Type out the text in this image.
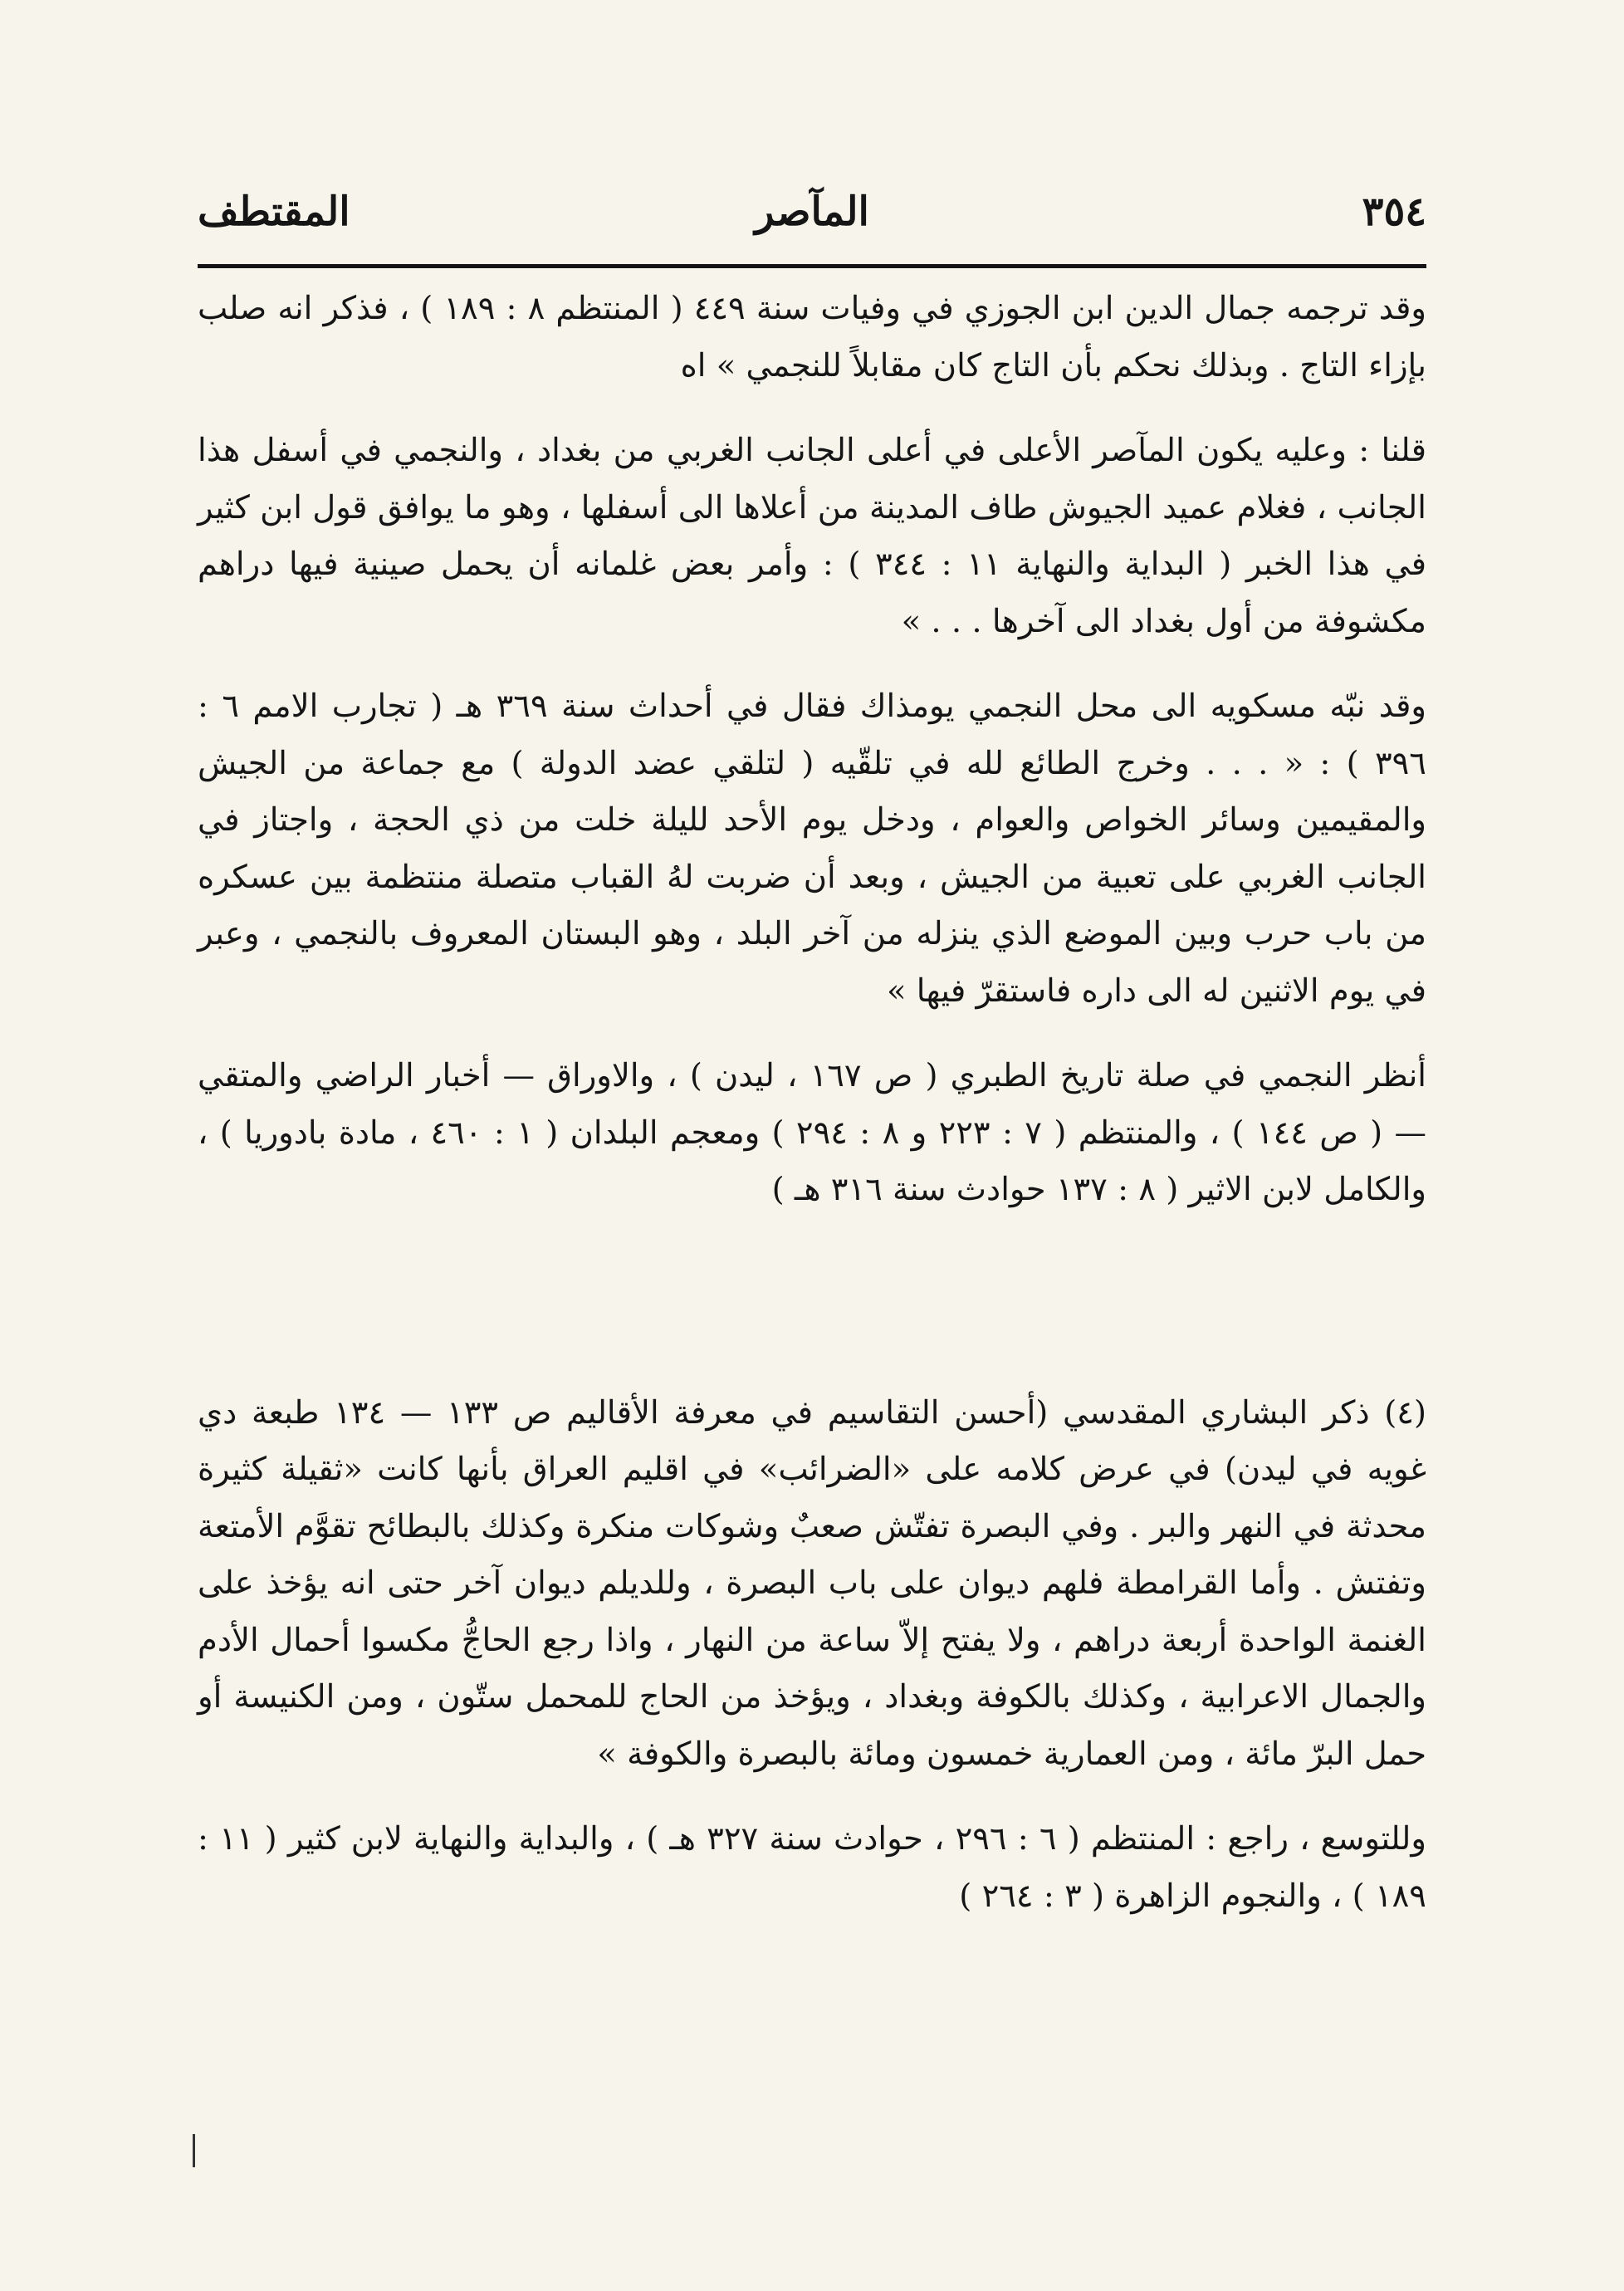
المقتطف	المآصر	٣٥٤

وقد ترجمه جمال الدين ابن الجوزي في وفيات سنة ٤٤٩ ( المنتظم ٨ : ١٨٩ ) ، فذكر انه صلب بإزاء التاج . وبذلك نحكم بأن التاج كان مقابلاً للنجمي » اه

قلنا : وعليه يكون المآصر الأعلى في أعلى الجانب الغربي من بغداد ، والنجمي في أسفل هذا الجانب ، فغلام عميد الجيوش طاف المدينة من أعلاها الى أسفلها ، وهو ما يوافق قول ابن كثير في هذا الخبر ( البداية والنهاية ١١ : ٣٤٤ ) : وأمر بعض غلمانه أن يحمل صينية فيها دراهم مكشوفة من أول بغداد الى آخرها . . . »

وقد نبّه مسكويه الى محل النجمي يومذاك فقال في أحداث سنة ٣٦٩ هـ ( تجارب الامم ٦ : ٣٩٦ ) : « . . . وخرج الطائع لله في تلقّيه ( لتلقي عضد الدولة ) مع جماعة من الجيش والمقيمين وسائر الخواص والعوام ، ودخل يوم الأحد لليلة خلت من ذي الحجة ، واجتاز في الجانب الغربي على تعبية من الجيش ، وبعد أن ضربت لهُ القباب متصلة منتظمة بين عسكره من باب حرب وبين الموضع الذي ينزله من آخر البلد ، وهو البستان المعروف بالنجمي ، وعبر في يوم الاثنين له الى داره فاستقرّ فيها »

أنظر النجمي في صلة تاريخ الطبري ( ص ١٦٧ ، ليدن ) ، والاوراق — أخبار الراضي والمتقي — ( ص ١٤٤ ) ، والمنتظم ( ٧ : ٢٢٣ و ٨ : ٢٩٤ ) ومعجم البلدان ( ١ : ٤٦٠ ، مادة بادوريا ) ، والكامل لابن الاثير ( ٨ : ١٣٧ حوادث سنة ٣١٦ هـ )

(٤) ذكر البشاري المقدسي (أحسن التقاسيم في معرفة الأقاليم ص ١٣٣ — ١٣٤ طبعة دي غويه في ليدن) في عرض كلامه على «الضرائب» في اقليم العراق بأنها كانت «ثقيلة كثيرة محدثة في النهر والبر . وفي البصرة تفتّش صعبٌ وشوكات منكرة وكذلك بالبطائح تقوَّم الأمتعة وتفتش . وأما القرامطة فلهم ديوان على باب البصرة ، وللديلم ديوان آخر حتى انه يؤخذ على الغنمة الواحدة أربعة دراهم ، ولا يفتح إلاّ ساعة من النهار ، واذا رجع الحاجُّ مكسوا أحمال الأدم والجمال الاعرابية ، وكذلك بالكوفة وبغداد ، ويؤخذ من الحاج للمحمل ستّون ، ومن الكنيسة أو حمل البرّ مائة ، ومن العمارية خمسون ومائة بالبصرة والكوفة »

وللتوسع ، راجع : المنتظم ( ٦ : ٢٩٦ ، حوادث سنة ٣٢٧ هـ ) ، والبداية والنهاية لابن كثير ( ١١ : ١٨٩ ) ، والنجوم الزاهرة ( ٣ : ٢٦٤ )
